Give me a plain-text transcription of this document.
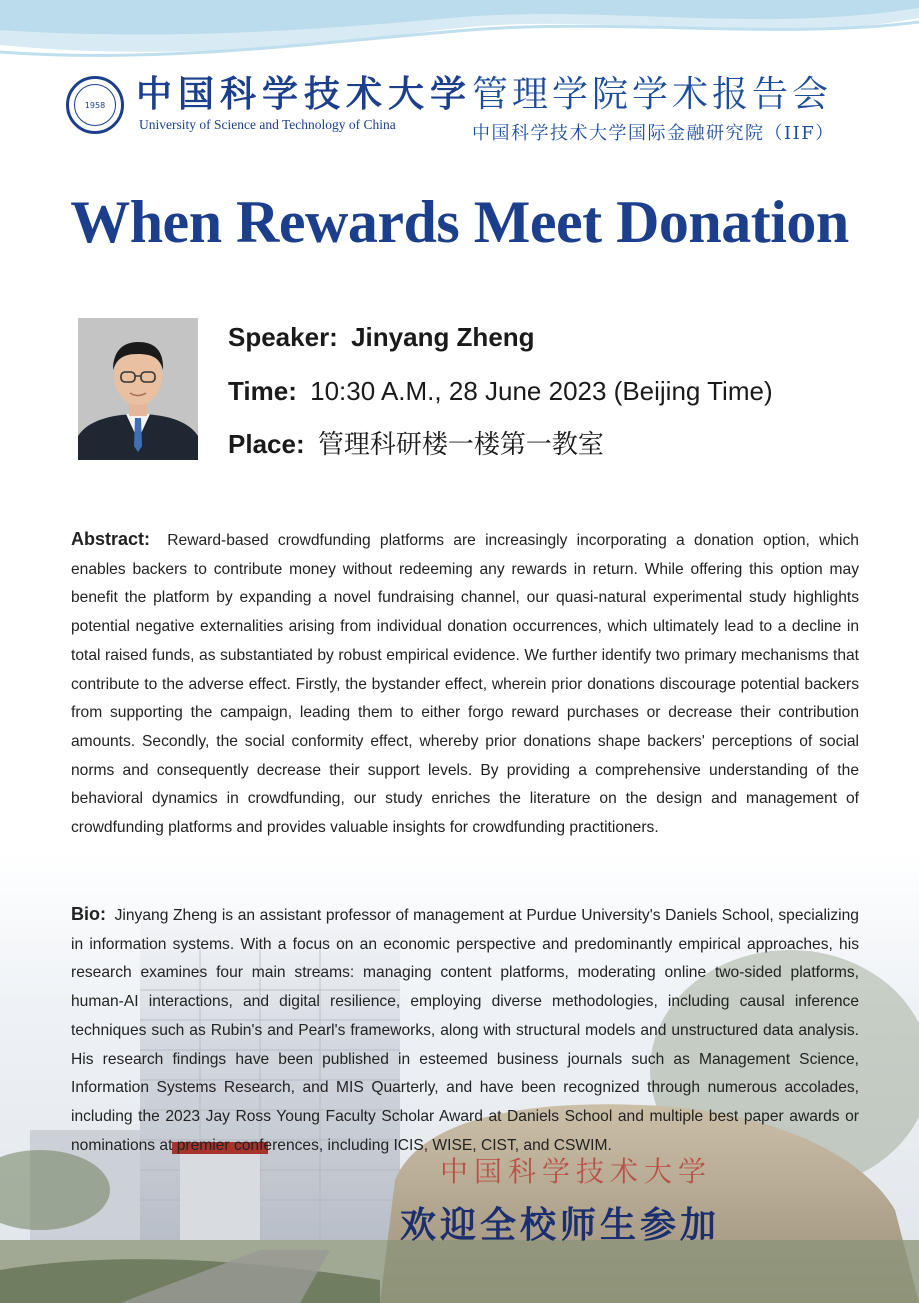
1958 中国科学技术大学
University of Science and Technology of China
管理学院学术报告会
中国科学技术大学国际金融研究院（IIF）
When Rewards Meet Donation
Speaker: Jinyang Zheng
Time: 10:30 A.M., 28 June 2023 (Beijing Time)
Place: 管理科研楼一楼第一教室
Abstract: Reward-based crowdfunding platforms are increasingly incorporating a donation option, which enables backers to contribute money without redeeming any rewards in return. While offering this option may benefit the platform by expanding a novel fundraising channel, our quasi-natural experimental study highlights potential negative externalities arising from individual donation occurrences, which ultimately lead to a decline in total raised funds, as substantiated by robust empirical evidence. We further identify two primary mechanisms that contribute to the adverse effect. Firstly, the bystander effect, wherein prior donations discourage potential backers from supporting the campaign, leading them to either forgo reward purchases or decrease their contribution amounts. Secondly, the social conformity effect, whereby prior donations shape backers' perceptions of social norms and consequently decrease their support levels. By providing a comprehensive understanding of the behavioral dynamics in crowdfunding, our study enriches the literature on the design and management of crowdfunding platforms and provides valuable insights for crowdfunding practitioners.
Bio: Jinyang Zheng is an assistant professor of management at Purdue University's Daniels School, specializing in information systems. With a focus on an economic perspective and predominantly empirical approaches, his research examines four main streams: managing content platforms, moderating online two-sided platforms, human-AI interactions, and digital resilience, employing diverse methodologies, including causal inference techniques such as Rubin's and Pearl's frameworks, along with structural models and unstructured data analysis. His research findings have been published in esteemed business journals such as Management Science, Information Systems Research, and MIS Quarterly, and have been recognized through numerous accolades, including the 2023 Jay Ross Young Faculty Scholar Award at Daniels School and multiple best paper awards or nominations at premier conferences, including ICIS, WISE, CIST, and CSWIM.
中国科学技术大学
欢迎全校师生参加
